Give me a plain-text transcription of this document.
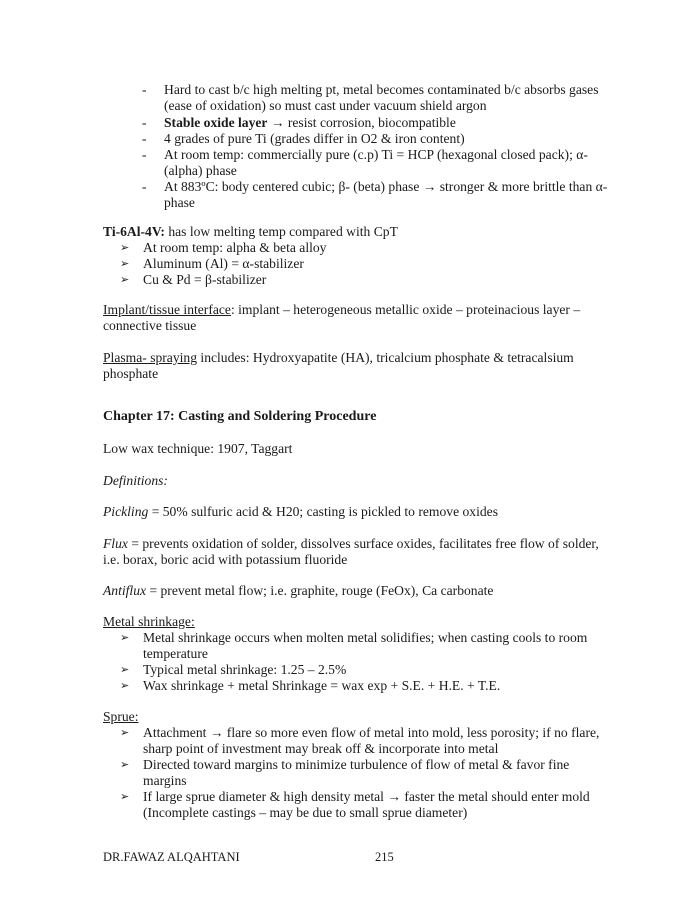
-	Hard to cast b/c high melting pt, metal becomes contaminated b/c absorbs gases (ease of oxidation) so must cast under vacuum shield argon
-	Stable oxide layer → resist corrosion, biocompatible
-	4 grades of pure Ti (grades differ in O2 & iron content)
-	At room temp: commercially pure (c.p) Ti = HCP (hexagonal closed pack); α-(alpha) phase
-	At 883ºC: body centered cubic; β- (beta) phase → stronger & more brittle than α-phase
Ti-6Al-4V: has low melting temp compared with CpT
➢	At room temp: alpha & beta alloy
➢	Aluminum (Al) = α-stabilizer
➢	Cu & Pd = β-stabilizer
Implant/tissue interface: implant – heterogeneous metallic oxide – proteinacious layer – connective tissue
Plasma- spraying includes: Hydroxyapatite (HA), tricalcium phosphate & tetracalsium phosphate
Chapter 17: Casting and Soldering Procedure
Low wax technique: 1907, Taggart
Definitions:
Pickling = 50% sulfuric acid & H20; casting is pickled to remove oxides
Flux = prevents oxidation of solder, dissolves surface oxides, facilitates free flow of solder, i.e. borax, boric acid with potassium fluoride
Antiflux = prevent metal flow; i.e. graphite, rouge (FeOx), Ca carbonate
Metal shrinkage:
➢	Metal shrinkage occurs when molten metal solidifies; when casting cools to room temperature
➢	Typical metal shrinkage: 1.25 – 2.5%
➢	Wax shrinkage + metal Shrinkage = wax exp + S.E. + H.E. + T.E.
Sprue:
➢	Attachment → flare so more even flow of metal into mold, less porosity; if no flare, sharp point of investment may break off & incorporate into metal
➢	Directed toward margins to minimize turbulence of flow of metal & favor fine margins
➢	If large sprue diameter & high density metal → faster the metal should enter mold (Incomplete castings – may be due to small sprue diameter)
DR.FAWAZ ALQAHTANI	215
